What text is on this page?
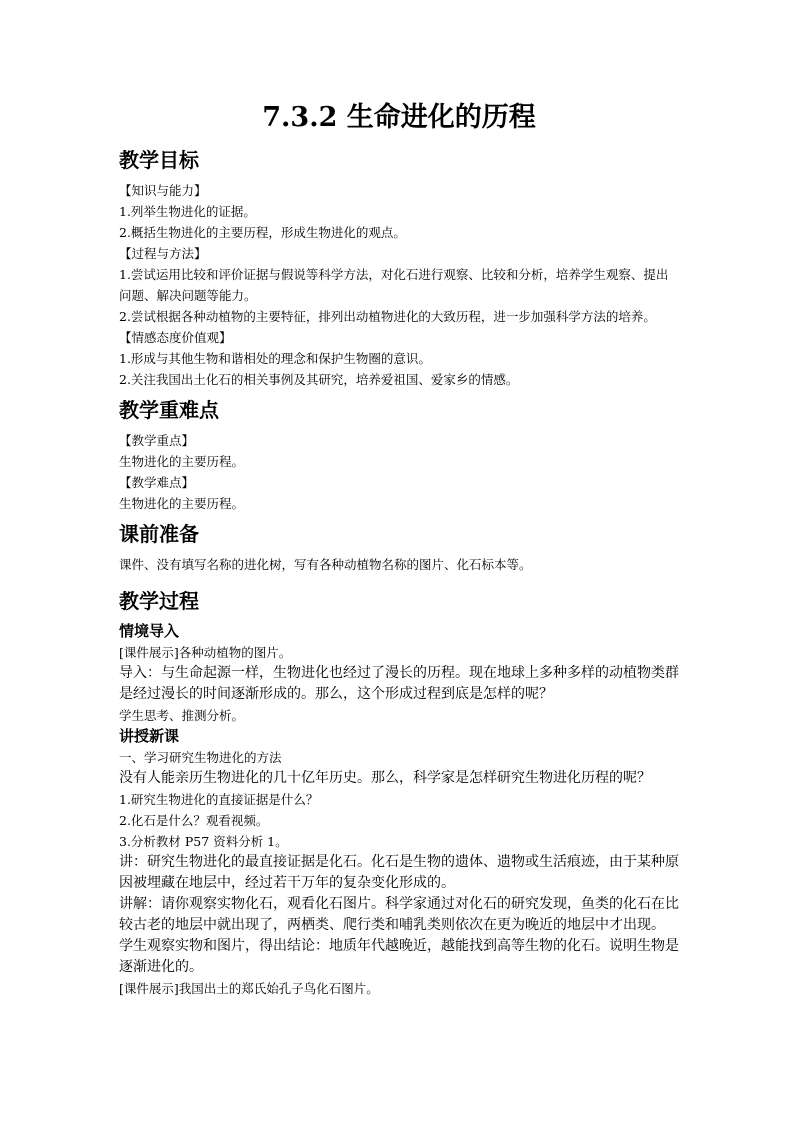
7.3.2 生命进化的历程
教学目标
【知识与能力】
1.列举生物进化的证据。
2.概括生物进化的主要历程，形成生物进化的观点。
【过程与方法】
1.尝试运用比较和评价证据与假说等科学方法，对化石进行观察、比较和分析，培养学生观察、提出问题、解决问题等能力。
2.尝试根据各种动植物的主要特征，排列出动植物进化的大致历程，进一步加强科学方法的培养。
【情感态度价值观】
1.形成与其他生物和谐相处的理念和保护生物圈的意识。
2.关注我国出土化石的相关事例及其研究，培养爱祖国、爱家乡的情感。
教学重难点
【教学重点】
生物进化的主要历程。
【教学难点】
生物进化的主要历程。
课前准备
课件、没有填写名称的进化树，写有各种动植物名称的图片、化石标本等。
教学过程
情境导入
[课件展示]各种动植物的图片。
导入：与生命起源一样，生物进化也经过了漫长的历程。现在地球上多种多样的动植物类群是经过漫长的时间逐渐形成的。那么，这个形成过程到底是怎样的呢？
学生思考、推测分析。
讲授新课
一、学习研究生物进化的方法
没有人能亲历生物进化的几十亿年历史。那么，科学家是怎样研究生物进化历程的呢？
1.研究生物进化的直接证据是什么？
2.化石是什么？观看视频。
3.分析教材 P57 资料分析 1。
讲：研究生物进化的最直接证据是化石。化石是生物的遗体、遗物或生活痕迹，由于某种原因被埋藏在地层中，经过若干万年的复杂变化形成的。
讲解：请你观察实物化石，观看化石图片。科学家通过对化石的研究发现，鱼类的化石在比较古老的地层中就出现了，两栖类、爬行类和哺乳类则依次在更为晚近的地层中才出现。
学生观察实物和图片，得出结论：地质年代越晚近，越能找到高等生物的化石。说明生物是逐渐进化的。
[课件展示]我国出土的郑氏始孔子鸟化石图片。
